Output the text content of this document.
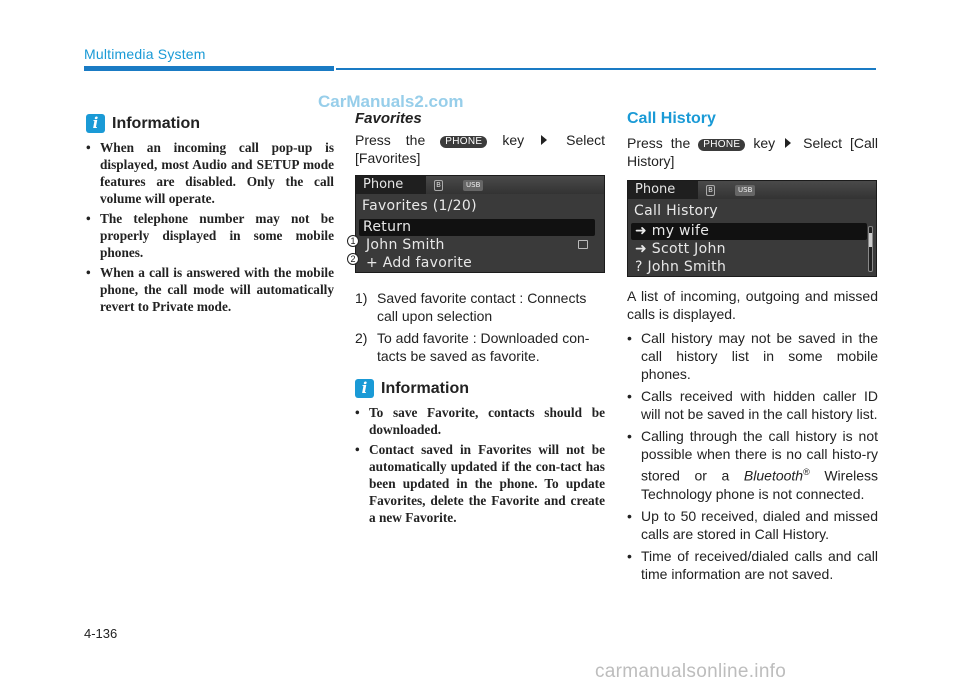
Multimedia System
CarManuals2.com
i Information
• When an incoming call pop-up is displayed, most Audio and SETUP mode features are disabled. Only the call volume will operate.
• The telephone number may not be properly displayed in some mobile phones.
• When a call is answered with the mobile phone, the call mode will automatically revert to Private mode.
Favorites
Press the PHONE key	Select [Favorites]
Phone	B	USB
Favorites (1/20)
Return
John Smith
+ Add favorite
1
2
1) Saved favorite contact : Connects call upon selection
2) To add favorite : Downloaded con-tacts be saved as favorite.
i Information
• To save Favorite, contacts should be downloaded.
• Contact saved in Favorites will not be automatically updated if the con-tact has been updated in the phone. To update Favorites, delete the Favorite and create a new Favorite.
Call History
Press the PHONE key Select [Call History]
Phone	B	USB
Call History
➜ my wife
➜ Scott John
? John Smith
A list of incoming, outgoing and missed calls is displayed.
• Call history may not be saved in the call history list in some mobile phones.
• Calls received with hidden caller ID will not be saved in the call history list.
• Calling through the call history is not possible when there is no call histo-ry stored or a Bluetooth® Wireless Technology phone is not connected.
• Up to 50 received, dialed and missed calls are stored in Call History.
• Time of received/dialed calls and call time information are not saved.
4-136
carmanualsonline.info
